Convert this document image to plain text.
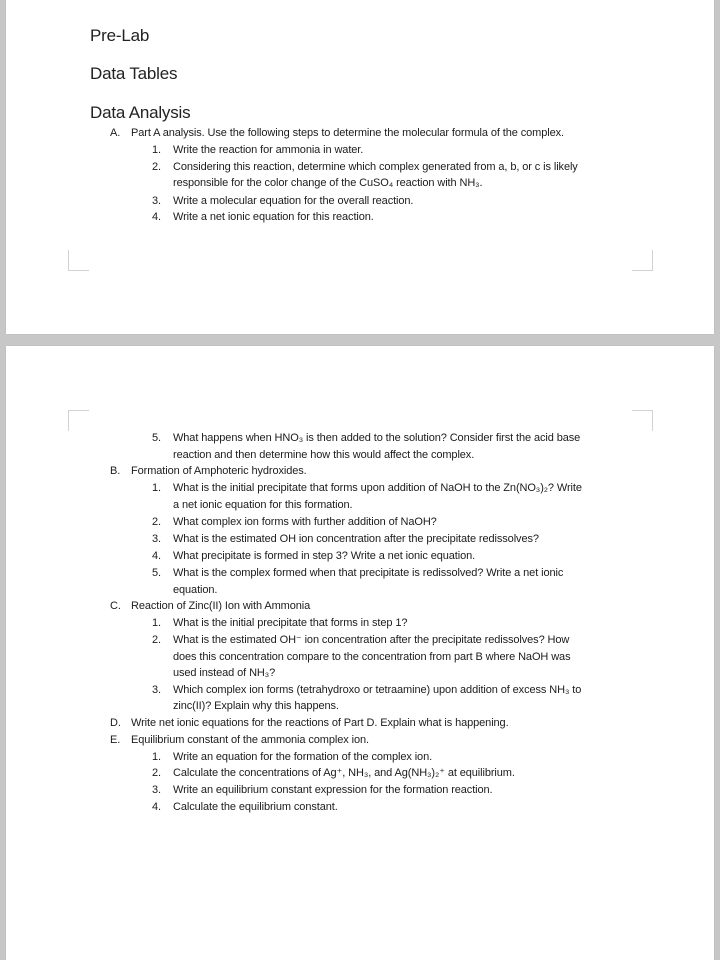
Pre-Lab
Data Tables
Data Analysis
A. Part A analysis. Use the following steps to determine the molecular formula of the complex.
1. Write the reaction for ammonia in water.
2. Considering this reaction, determine which complex generated from a, b, or c is likely
responsible for the color change of the CuSO₄ reaction with NH₃.
3. Write a molecular equation for the overall reaction.
4. Write a net ionic equation for this reaction.
5. What happens when HNO₃ is then added to the solution? Consider first the acid base
reaction and then determine how this would affect the complex.
B. Formation of Amphoteric hydroxides.
1. What is the initial precipitate that forms upon addition of NaOH to the Zn(NO₃)₂? Write
a net ionic equation for this formation.
2. What complex ion forms with further addition of NaOH?
3. What is the estimated OH ion concentration after the precipitate redissolves?
4. What precipitate is formed in step 3? Write a net ionic equation.
5. What is the complex formed when that precipitate is redissolved? Write a net ionic
equation.
C. Reaction of Zinc(II) Ion with Ammonia
1. What is the initial precipitate that forms in step 1?
2. What is the estimated OH⁻ ion concentration after the precipitate redissolves? How
does this concentration compare to the concentration from part B where NaOH was
used instead of NH₃?
3. Which complex ion forms (tetrahydroxo or tetraamine) upon addition of excess NH₃ to
zinc(II)? Explain why this happens.
D. Write net ionic equations for the reactions of Part D. Explain what is happening.
E. Equilibrium constant of the ammonia complex ion.
1. Write an equation for the formation of the complex ion.
2. Calculate the concentrations of Ag⁺, NH₃, and Ag(NH₃)₂⁺ at equilibrium.
3. Write an equilibrium constant expression for the formation reaction.
4. Calculate the equilibrium constant.
